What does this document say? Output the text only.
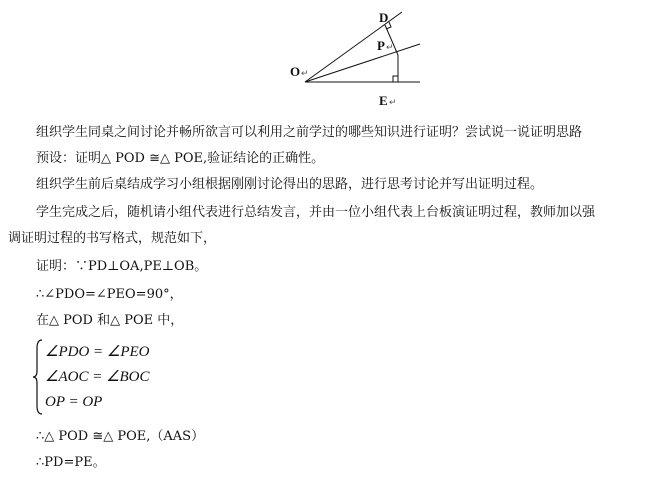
D
P ↵
O ↵
E ↵
组织学生同桌之间讨论并畅所欲言可以利用之前学过的哪些知识进行证明？尝试说一说证明思路
预设：证明△ POD ≅△ POE,验证结论的正确性。
组织学生前后桌结成学习小组根据刚刚讨论得出的思路，进行思考讨论并写出证明过程。
学生完成之后，随机请小组代表进行总结发言，并由一位小组代表上台板演证明过程，教师加以强
调证明过程的书写格式，规范如下，
证明：∵PD⊥OA,PE⊥OB。
∴∠PDO=∠PEO=90°，
在△ POD 和△ POE 中，
∠PDO = ∠PEO
∠AOC = ∠BOC
OP = OP
∴△ POD ≅△ POE,（AAS）
∴PD=PE。
